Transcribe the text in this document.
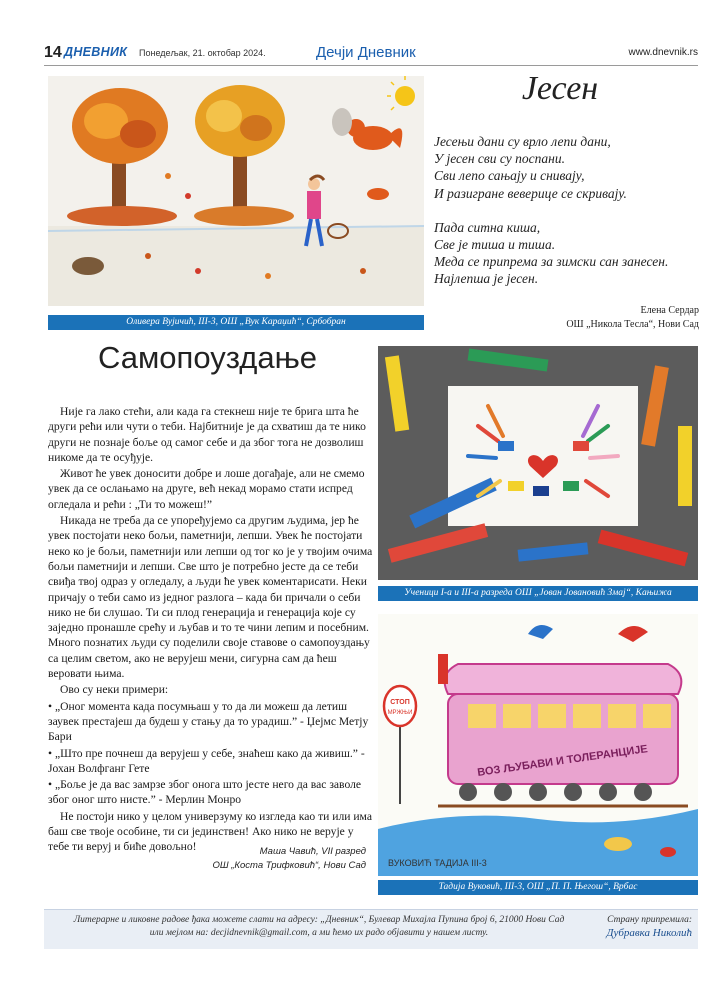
14 ДНЕВНИК Понедељак, 21. октобар 2024.	Дечји Дневник	www.dnevnik.rs
Оливера Вујичић, III-3, ОШ „Вук Караџић“, Србобран
Јесен

Јесењи дани су врло лепи дани,
У јесен сви су поспани.
Сви лепо сањају и снивају,
И разигране веверице се скривају.

Пада ситна киша,
Све је тиша и тиша.
Меда се припрема за зимски сан занесен.
Најлепша је јесен.

Елена Сердар
ОШ „Никола Тесла“, Нови Сад
Самопоуздање

Није га лако стећи, али када га стекнеш није те брига шта ће други рећи или чути о теби. Најбитније је да схватиш да те нико други не познаје боље од самог себе и да због тога не дозволиш никоме да те осуђује.

Живот ће увек доносити добре и лоше догађаје, али не смемо увек да се ослањамо на друге, већ некад морамо стати испред огледала и рећи : „Ти то можеш!”

Никада не треба да се упоређујемо са другим људима, јер ће увек постојати неко бољи, паметнији, лепши. Увек ће постојати неко ко је бољи, паметнији или лепши од тог ко је у твојим очима бољи паметнији и лепши. Све што је потребно јесте да се теби свиђа твој одраз у огледалу, а људи ће увек коментарисати. Неки причају о теби само из једног разлога – када би причали о себи нико не би слушао. Ти си плод генерација и генерација које су заједно пронашле срећу и љубав и то те чини лепим и посебним. Много познатих људи су поделили своје ставове о самопоуздању са целим светом, ако не верујеш мени, сигурна сам да ћеш веровати њима.

Ово су неки примери:

• „Оног момента када посумњаш у то да ли можеш да летиш заувек престајеш да будеш у стању да то урадиш.” - Џејмс Метју Бари

• „Што пре почнеш да верујеш у себе, знаћеш како да живиш.” - Јохан Волфганг Гете

• „Боље је да вас замрзе због онога што јесте него да вас заволе због оног што нисте.” - Мерлин Монро

Не постоји нико у целом универзуму ко изгледа као ти или има баш све твоје особине, ти си јединствен! Ако нико не верује у тебе ти веруј и биће довољно!	Маша Чавић, VII разред
ОШ „Коста Трифковић“, Нови Сад
Ученици I-а и III-а разреда ОШ „Јован Јовановић Змај“, Кањижа
СТОП
МРЖЊИ
ВОЗ ЉУБАВИ И ТОЛЕРАНЦИЈЕ
ВУКОВИЋ ТАДИЈА III-3
Тадија Вуковић, III-3, ОШ „П. П. Његош“, Врбас
Литерарне и ликовне радове ђака можете слати на адресу: „Дневник“, Булевар Михајла Пупина број 6, 21000 Нови Сад
или мејлом на: decjidnevnik@gmail.com, а ми ћемо их радо објавити у нашем листу.
Страну припремила:
Дубравка Николић
